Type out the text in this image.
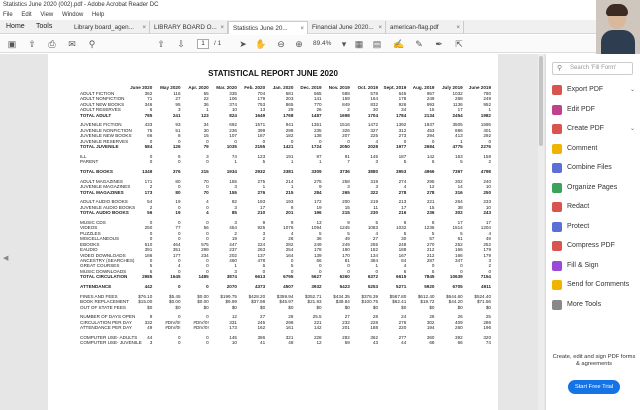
Statistics June 2020 (002).pdf - Adobe Acrobat Reader DC
File Edit View Window Help
Home Tools	Library board_agen... ×	LIBRARY BOARD O... ×	Statistics June 20... ×	Financial June 2020... ×	american-flag.pdf	×
▣ ⇧ ⎙ ✉	⚲	⇧ ⇩	1	/ 1 ➤ ✋ ⊖ ⊕	89.4%	▾ ▦ ▤ ✍ ✎ ✒ ⇱
◀
STATISTICAL REPORT JUNE 2020
	June 2020	May 2020	Apr. 2020	Mar. 2020	Feb. 2020	Jan. 2020	Dec. 2019	Nov. 2019	Oct. 2019	Sept. 2019	Aug. 2019	July 2019	June 2019
ADULT FICTION	362	116	55	335	704	581	565	588	578	645	957	1032	780
ADULT NONFICTION	71	27	22	106	179	203	141	159	164	178	249	268	249
ADULT NEW BOOKS	346	95	36	374	753	865	770	849	832	926	993	1136	952
ADULT RESERVES	6	3	1	10	13	29	26	2	30	34	15	17	1
TOTAL ADULT	785	241	123	824	1649	1768	1487	1698	1704	1784	2134	2454	1982

JUVENILE FICTION	433	93	34	692	1571	941	1351	1516	1472	1392	1937	3505	1595
JUVENILE NONFICTION	75	51	30	236	399	298	235	326	327	312	453	886	401
JUVENILE NEW BOOKS	66	8	15	107	187	182	138	207	225	273	294	413	292
JUVENILE RESERVES	0	0	0	0	0	0	0	0	4	0	0	1	0
TOTAL JUVENILE	584	126	79	1035	2155	1421	1724	2050	2028	1977	2684	4775	2276

ILL	0	6	3	74	123	191	87	91	145	187	142	163	158
PARENT	0	0	0	1	5	1	1	7	3	5	6	5	2

TOTAL BOOKS	1349	376	215	1934	2932	3381	3309	3736	3880	3953	4966	7397	4798

ADULT MAGAZINES	171	80	70	155	275	214	275	258	319	274	295	302	240
JUVENILE MAGAZINES	2	0	0	3	1	1	9	3	3	4	12	14	10
TOTAL MAGAZINES	173	80	70	155	276	215	284	265	322	278	278	316	250

ADULT AUDIO BOOKS	54	19	4	82	193	193	172	200	219	213	221	264	233
JUVENILE AUDIO BOOKS	2	0	0	3	17	8	19	15	11	17	15	38	10
TOTAL AUDIO BOOKS	56	19	4	85	210	201	196	215	230	216	236	302	243

MUSIC CDS	0	0	0	3	9	9	13	9	5	6	8	17	17
VIDEOS	250	77	56	454	925	1076	1094	1245	1083	1032	1236	1514	1204
PUZZLES	0	0	0	2	3	4	5	5	4	5	5	5	4
MISCELLANEOUS	0	0	0	19	2	28	36	49	27	30	57	61	49
EBOOKS	510	464	575	447	224	282	249	249	255	248	270	252	252
EAUDIO	391	351	299	237	263	254	178	190	182	188	212	166	179
VIDEO DOWNLOADS	186	177	234	202	137	164	139	170	134	167	212	166	179
ANCESTRY (SEARCHES)	0	0	0	460	478	0	66	81	384	84	287	347	3
GREAT COURSES	5	4	0	1	6	5	0	0	1	4	0	0	2
MUSIC DOWNLOADS	5	0	0	3	0	0	0	0	0	6	5	0	0
TOTAL CIRCULATION	2985	1645	1485	3874	6613	6795	5627	6260	6372	6615	7845	10639	7154

ATTENDANCE	442	0	0	2070	4373	4507	3932	5423	5253	5271	5920	6705	4911

FINES AND FEES	$76.10	$5.45	$0.00	$199.75	$428.20	$359.94	$352.71	$434.35	$378.39	$567.80	$612.40	$644.60	$524.40
BOOK REPLACEMENT	$15.00	$0.00	$0.00	$9.99	$37.98	$45.97	$21.93	$39.84	$100.75	$62.41	$19.72	$44.20	$71.56
OUT OF STATE FEES	$0	$0	$0	$0	$0	$0	$0	$0	$0	$0	$0	$0	$0

NUMBER OF DAYS OPEN	9	0	0	12	27	28	25.5	27	28	24	26	26	25
CIRCULATION PER DAY	332	#DIV/0!	#DIV/0!	331	245	298	221	232	228	276	302	409	286
ATTENDANCE PER DAY	49	#DIV/0!	#DIV/0!	173	162	161	142	201	188	220	194	260	196

COMPUTER USE- ADULTS	44	0	0	145	386	321	228	282	362	277	360	392	320
COMPUTER USE- JUVENILE	3	0	0	10	41	48	12	59	43	44	68	66	74
⚲ Search 'Fill Form'
Export PDF	⌄
Edit PDF
Create PDF	⌄
Comment
Combine Files
Organize Pages
Redact
Protect
Compress PDF
Fill & Sign
Send for Comments
More Tools
Create, edit and sign PDF forms & agreements
Start Free Trial
